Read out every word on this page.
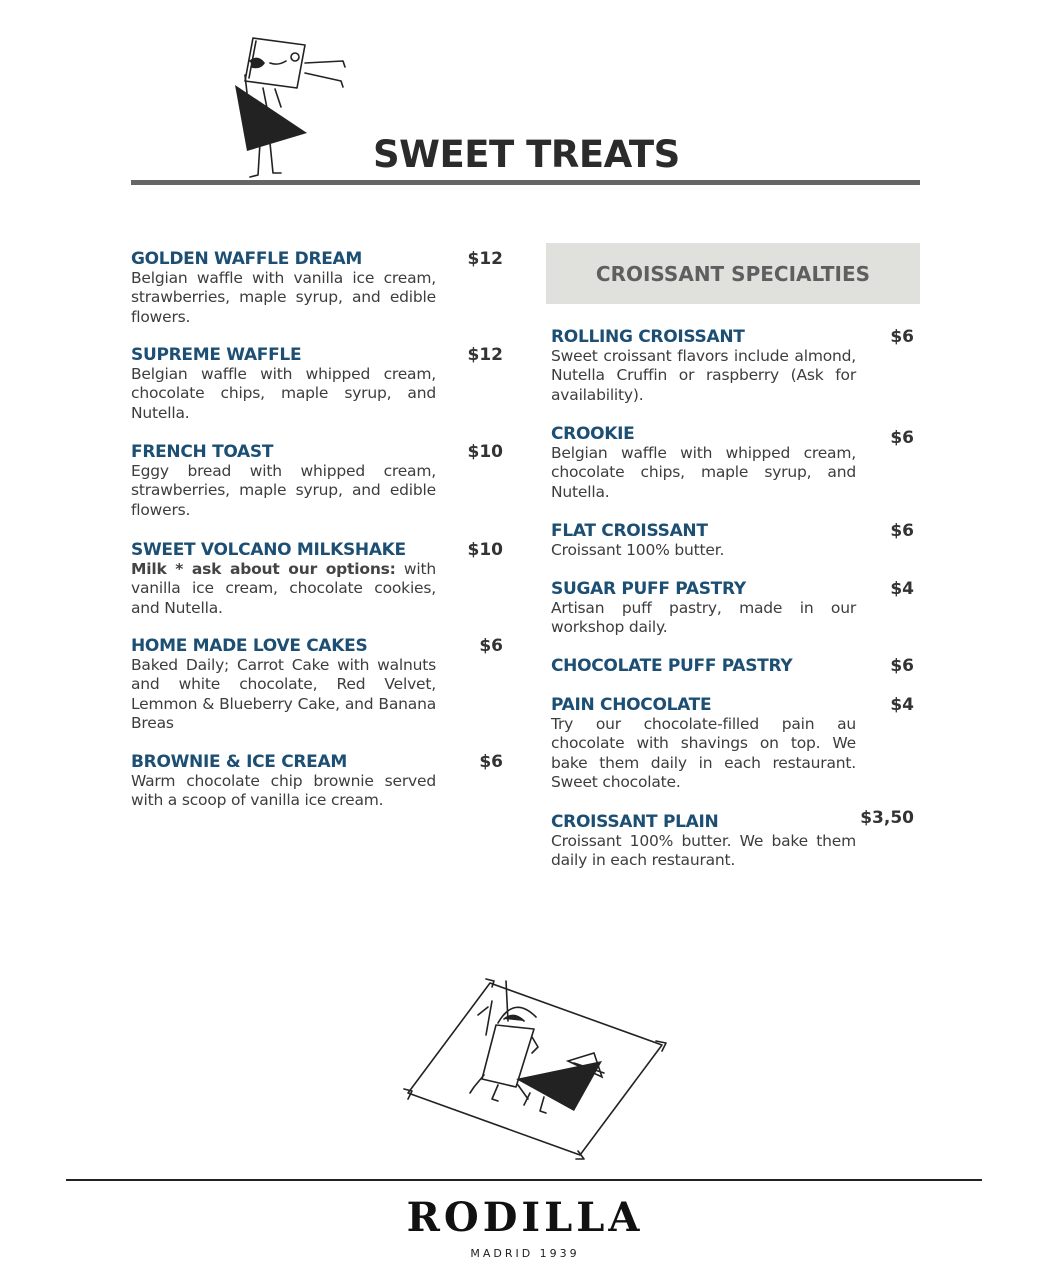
SWEET TREATS
GOLDEN WAFFLE DREAM

Belgian waffle with vanilla ice cream, strawberries, maple syrup, and edible flowers.

$12
SUPREME WAFFLE

Belgian waffle with whipped cream, chocolate chips, maple syrup, and Nutella.

$12
FRENCH TOAST

Eggy bread with whipped cream, strawberries, maple syrup, and edible flowers.

$10
SWEET VOLCANO MILKSHAKE

Milk * ask about our options: with vanilla ice cream, chocolate cookies, and Nutella.

$10
HOME MADE LOVE CAKES

Baked Daily; Carrot Cake with walnuts and white chocolate, Red Velvet, Lemmon & Blueberry Cake, and Banana Breas

$6
BROWNIE & ICE CREAM

Warm chocolate chip brownie served with a scoop of vanilla ice cream.

$6
CROISSANT SPECIALTIES
ROLLING CROISSANT

Sweet croissant flavors include almond, Nutella Cruffin or raspberry (Ask for availability).

$6
CROOKIE

Belgian waffle with whipped cream, chocolate chips, maple syrup, and Nutella.

$6
FLAT CROISSANT

Croissant 100% butter.

$6
SUGAR PUFF PASTRY

Artisan puff pastry, made in our workshop daily.

$4
CHOCOLATE PUFF PASTRY	$6
PAIN CHOCOLATE

Try our chocolate-filled pain au chocolate with shavings on top. We bake them daily in each restaurant. Sweet chocolate.

$4
CROISSANT PLAIN

Croissant 100% butter. We bake them daily in each restaurant.

$3,50
RODILLA
MADRID 1939
